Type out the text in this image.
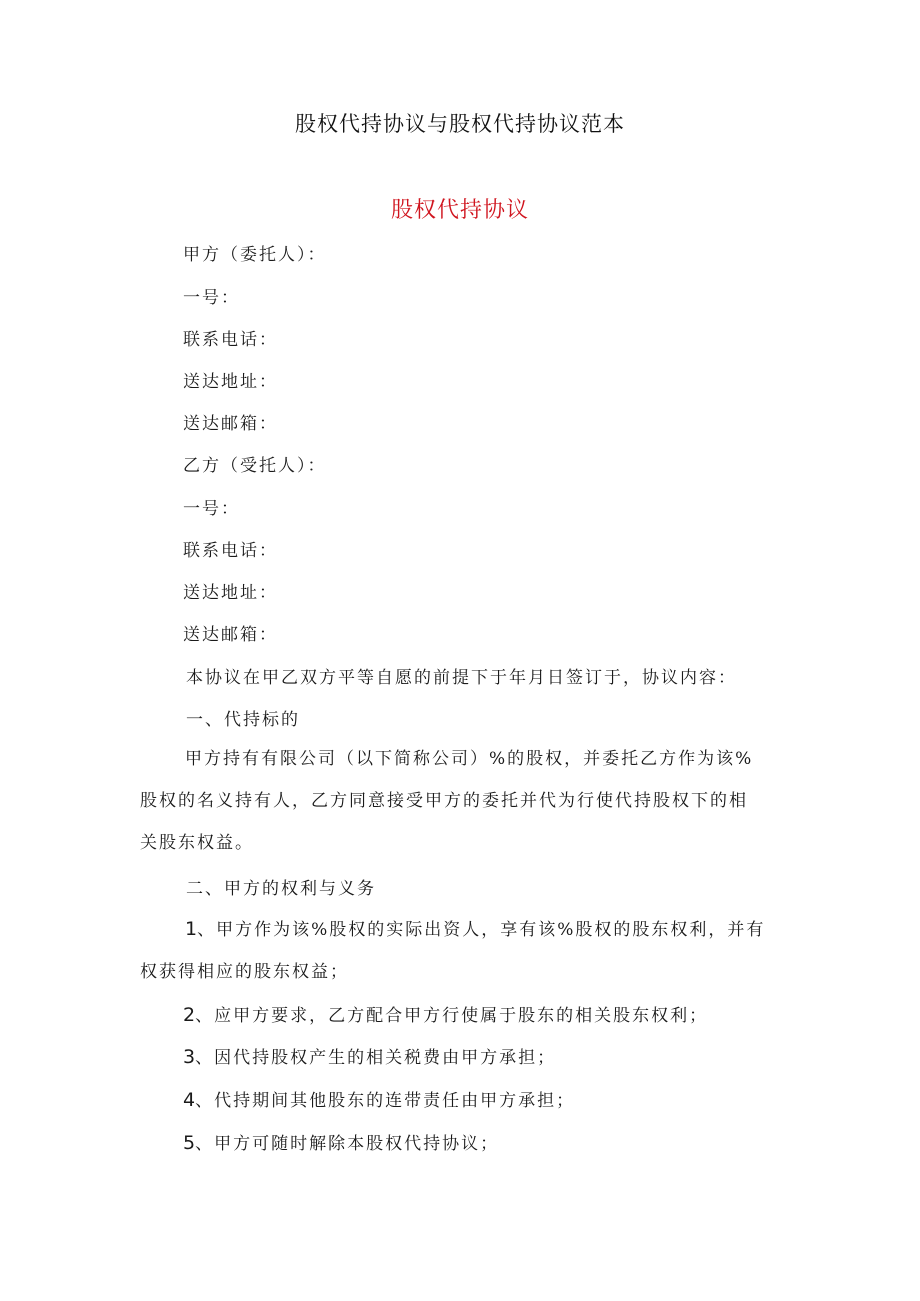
股权代持协议与股权代持协议范本
股权代持协议
甲方（委托人）：
一号：
联系电话：
送达地址：
送达邮箱：
乙方（受托人）：
一号：
联系电话：
送达地址：
送达邮箱：
本协议在甲乙双方平等自愿的前提下于年月日签订于，协议内容：
一、代持标的
甲方持有有限公司（以下简称公司）%的股权，并委托乙方作为该%
股权的名义持有人，乙方同意接受甲方的委托并代为行使代持股权下的相
关股东权益。
二、甲方的权利与义务
1、甲方作为该%股权的实际出资人，享有该%股权的股东权利，并有
权获得相应的股东权益；
2、应甲方要求，乙方配合甲方行使属于股东的相关股东权利；
3、因代持股权产生的相关税费由甲方承担；
4、代持期间其他股东的连带责任由甲方承担；
5、甲方可随时解除本股权代持协议；
